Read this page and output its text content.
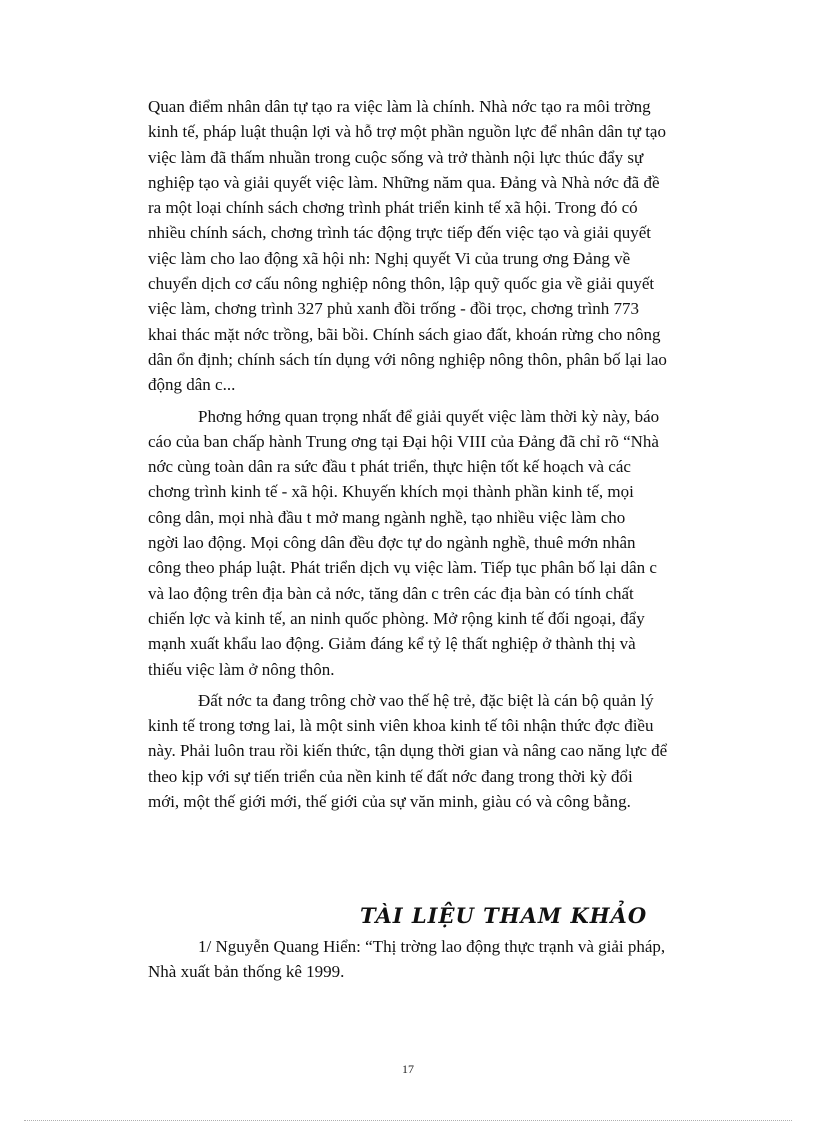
Quan điểm nhân dân tự tạo ra việc làm là chính. Nhà nớc tạo ra môi trờng
kinh tế, pháp luật thuận lợi và hỗ trợ một phần nguồn lực để nhân dân tự tạo
việc làm đã thấm nhuần trong cuộc sống và trở thành nội lực thúc đẩy sự
nghiệp tạo và giải quyết việc làm. Những năm qua. Đảng và Nhà nớc đã đề
ra một loại chính sách chơng trình phát triển kinh tế xã hội. Trong đó có
nhiều chính sách, chơng trình tác động trực tiếp đến việc tạo và giải quyết
việc làm cho lao động xã hội nh: Nghị quyết Vi của trung ơng Đảng về
chuyển dịch cơ cấu nông nghiệp nông thôn, lập quỹ quốc gia về giải quyết
việc làm, chơng trình 327 phủ xanh đồi trống - đồi trọc, chơng trình 773
khai thác mặt nớc trồng, bãi bồi. Chính sách giao đất, khoán rừng cho nông
dân ổn định; chính sách tín dụng với nông nghiệp nông thôn, phân bố lại lao
động dân c...

Phơng hớng quan trọng nhất để giải quyết việc làm thời kỳ này, báo
cáo của ban chấp hành Trung ơng tại Đại hội VIII của Đảng đã chỉ rõ “Nhà
nớc cùng toàn dân ra sức đầu t phát triển, thực hiện tốt kế hoạch và các
chơng trình kinh tế - xã hội. Khuyến khích mọi thành phần kinh tế, mọi
công dân, mọi nhà đầu t mở mang ngành nghề, tạo nhiều việc làm cho
ngời lao động. Mọi công dân đều đợc tự do ngành nghề, thuê mớn nhân
công theo pháp luật. Phát triển dịch vụ việc làm. Tiếp tục phân bố lại dân c
và lao động trên địa bàn cả nớc, tăng dân c trên các địa bàn có tính chất
chiến lợc và kinh tế, an ninh quốc phòng. Mở rộng kinh tế đối ngoại, đẩy
mạnh xuất khẩu lao động. Giảm đáng kể tỷ lệ thất nghiệp ở thành thị và
thiếu việc làm ở nông thôn.

Đất nớc ta đang trông chờ vao thế hệ trẻ, đặc biệt là cán bộ quản lý
kinh tế trong tơng lai, là một sinh viên khoa kinh tế tôi nhận thức đợc điều
này. Phải luôn trau rồi kiến thức, tận dụng thời gian và nâng cao năng lực để
theo kịp với sự tiến triển của nền kinh tế đất nớc đang trong thời kỳ đổi
mới, một thế giới mới, thế giới của sự văn minh, giàu có và công bằng.

TÀI LIỆU THAM KHẢO
1/ Nguyễn Quang Hiển: “Thị trờng lao động thực trạnh và giải pháp,
Nhà xuất bản thống kê 1999.
17
